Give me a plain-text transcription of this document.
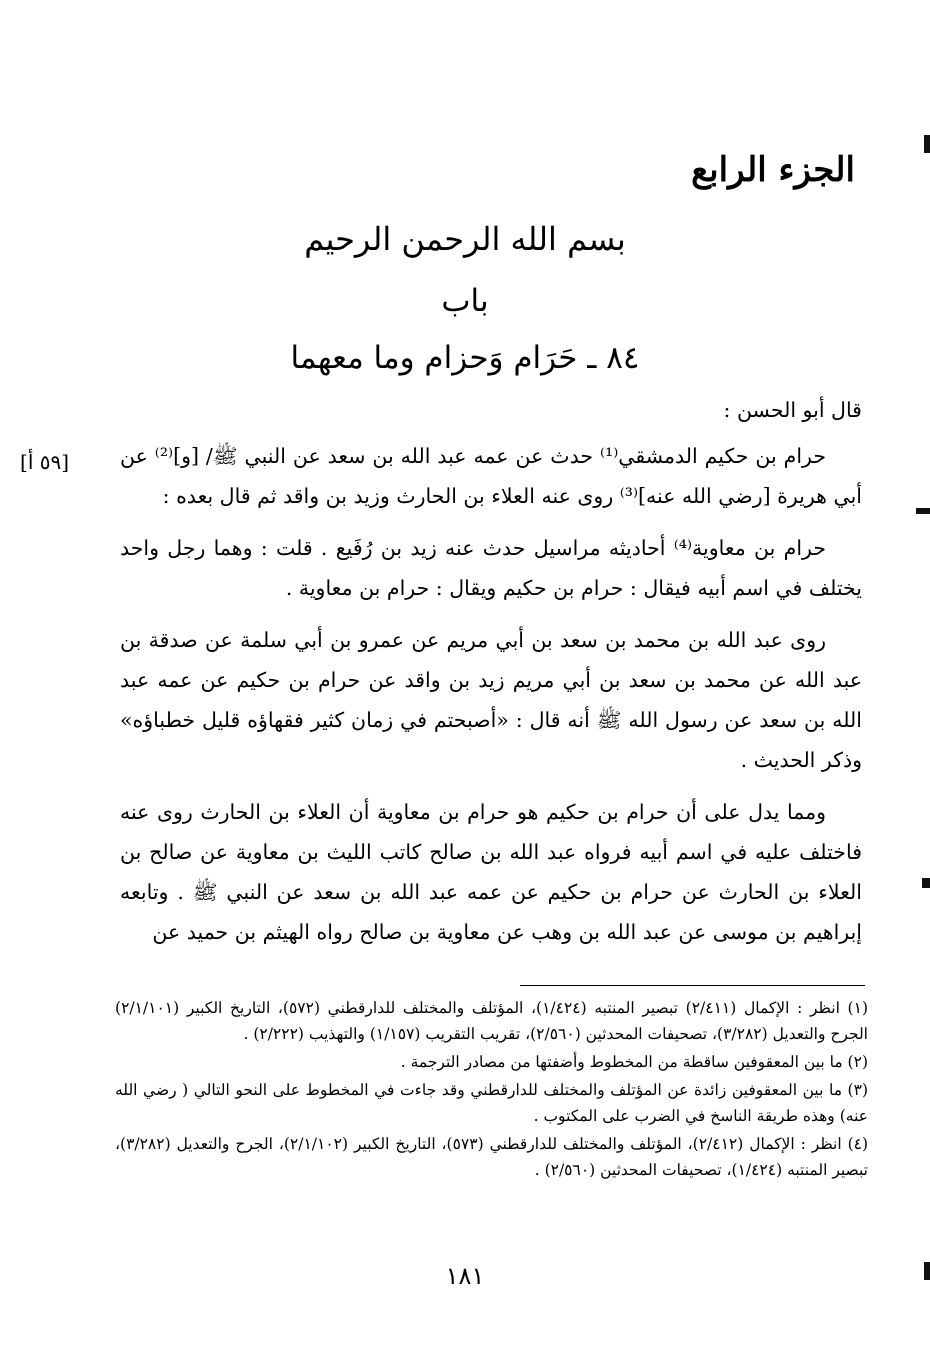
الجزء الرابع
بسم الله الرحمن الرحيم
باب
٨٤ ـ حَرَام وَحزام وما معهما
[٥٩ أ]

قال أبو الحسن :

حرام بن حكيم الدمشقي⁽¹⁾ حدث عن عمه عبد الله بن سعد عن النبي ﷺ/ [و]⁽²⁾ عن أبي هريرة [رضي الله عنه]⁽³⁾ روى عنه العلاء بن الحارث وزيد بن واقد ثم قال بعده :

حرام بن معاوية⁽⁴⁾ أحاديثه مراسيل حدث عنه زيد بن رُفَيع . قلت : وهما رجل واحد يختلف في اسم أبيه فيقال : حرام بن حكيم ويقال : حرام بن معاوية .

روى عبد الله بن محمد بن سعد بن أبي مريم عن عمرو بن أبي سلمة عن صدقة بن عبد الله عن محمد بن سعد بن أبي مريم زيد بن واقد عن حرام بن حكيم عن عمه عبد الله بن سعد عن رسول الله ﷺ أنه قال : «أصبحتم في زمان كثير فقهاؤه قليل خطباؤه» وذكر الحديث .

ومما يدل على أن حرام بن حكيم هو حرام بن معاوية أن العلاء بن الحارث روى عنه فاختلف عليه في اسم أبيه فرواه عبد الله بن صالح كاتب الليث بن معاوية عن صالح بن العلاء بن الحارث عن حرام بن حكيم عن عمه عبد الله بن سعد عن النبي ﷺ . وتابعه إبراهيم بن موسى عن عبد الله بن وهب عن معاوية بن صالح رواه الهيثم بن حميد عن

(١) انظر : الإكمال (٢/٤١١) تبصير المنتبه (١/٤٢٤)، المؤتلف والمختلف للدارقطني (٥٧٢)، التاريخ الكبير (٢/١/١٠١) الجرح والتعديل (٣/٢٨٢)، تصحيفات المحدثين (٢/٥٦٠)، تقريب التقريب (١/١٥٧) والتهذيب (٢/٢٢٢) .

(٢) ما بين المعقوفين ساقطة من المخطوط وأضفتها من مصادر الترجمة .

(٣) ما بين المعقوفين زائدة عن المؤتلف والمختلف للدارقطني وقد جاءت في المخطوط على النحو التالي ( رضي الله عنه) وهذه طريقة الناسخ في الضرب على المكتوب .

(٤) انظر : الإكمال (٢/٤١٢)، المؤتلف والمختلف للدارقطني (٥٧٣)، التاريخ الكبير (٢/١/١٠٢)، الجرح والتعديل (٣/٢٨٢)، تبصير المنتبه (١/٤٢٤)، تصحيفات المحدثين (٢/٥٦٠) .

١٨١
